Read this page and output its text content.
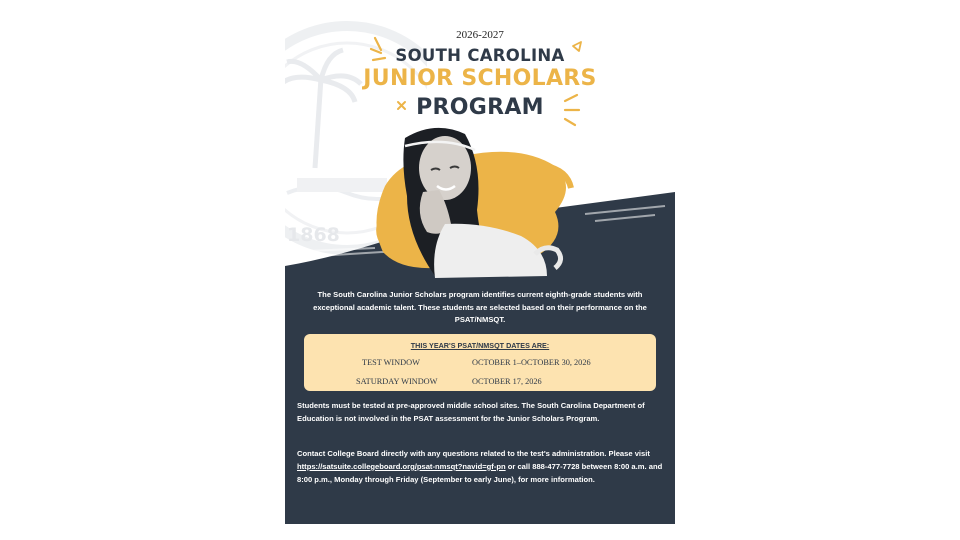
1868
2026-2027
SOUTH CAROLINA
JUNIOR SCHOLARS
PROGRAM
The South Carolina Junior Scholars program identifies current eighth-grade students with exceptional academic talent. These students are selected based on their performance on the PSAT/NMSQT.
THIS YEAR'S PSAT/NMSQT DATES ARE:
TEST WINDOW	OCTOBER 1–OCTOBER 30, 2026
SATURDAY WINDOW	OCTOBER 17, 2026
Students must be tested at pre-approved middle school sites. The South Carolina Department of Education is not involved in the PSAT assessment for the Junior Scholars Program.
Contact College Board directly with any questions related to the test's administration. Please visit https://satsuite.collegeboard.org/psat-nmsqt?navid=gf-pn or call 888-477-7728 between 8:00 a.m. and 8:00 p.m., Monday through Friday (September to early June), for more information.
